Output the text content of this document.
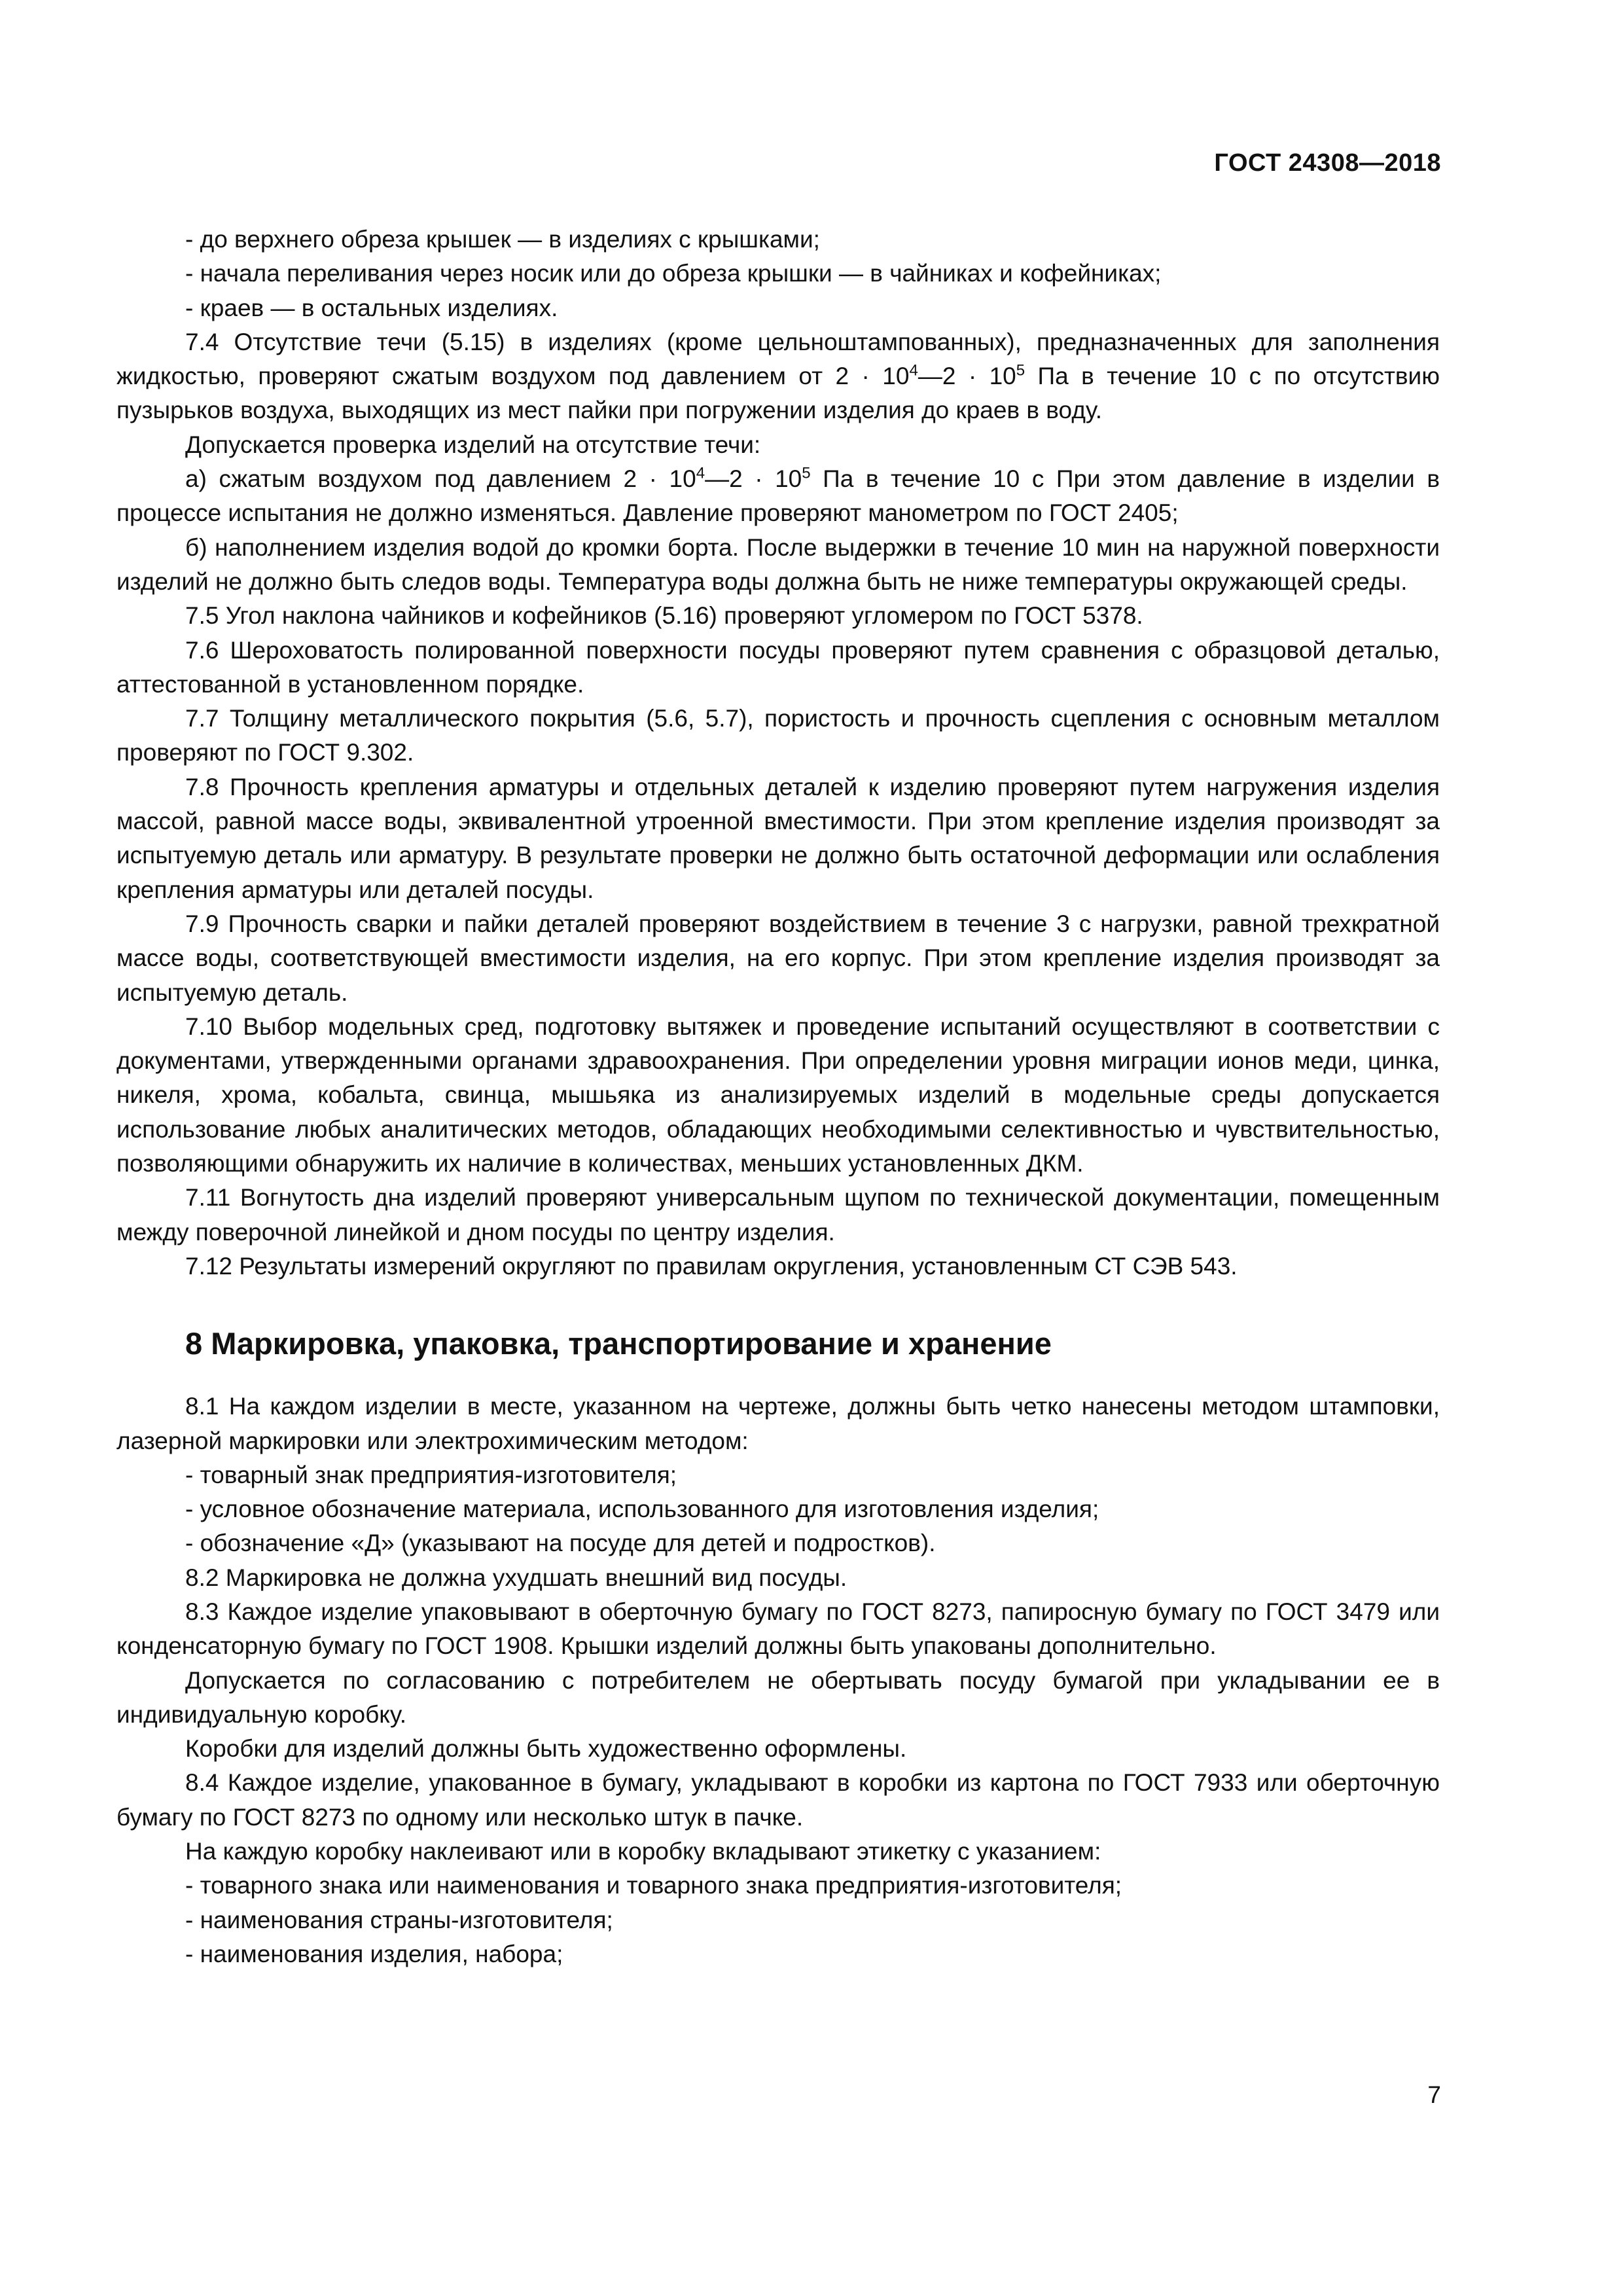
ГОСТ 24308—2018

- до верхнего обреза крышек — в изделиях с крышками;

- начала переливания через носик или до обреза крышки — в чайниках и кофейниках;

- краев — в остальных изделиях.

7.4 Отсутствие течи (5.15) в изделиях (кроме цельноштампованных), предназначенных для заполнения жидкостью, проверяют сжатым воздухом под давлением от $2 \cdot 10^4—2 \cdot 10^5$ Па в течение 10 с по отсутствию пузырьков воздуха, выходящих из мест пайки при погружении изделия до краев в воду.

Допускается проверка изделий на отсутствие течи:

а) сжатым воздухом под давлением $2 \cdot 10^4—2 \cdot 10^5$ Па в течение 10 с При этом давление в изделии в процессе испытания не должно изменяться. Давление проверяют манометром по ГОСТ 2405;

б) наполнением изделия водой до кромки борта. После выдержки в течение 10 мин на наружной поверхности изделий не должно быть следов воды. Температура воды должна быть не ниже температуры окружающей среды.

7.5 Угол наклона чайников и кофейников (5.16) проверяют угломером по ГОСТ 5378.

7.6 Шероховатость полированной поверхности посуды проверяют путем сравнения с образцовой деталью, аттестованной в установленном порядке.

7.7 Толщину металлического покрытия (5.6, 5.7), пористость и прочность сцепления с основным металлом проверяют по ГОСТ 9.302.

7.8 Прочность крепления арматуры и отдельных деталей к изделию проверяют путем нагружения изделия массой, равной массе воды, эквивалентной утроенной вместимости. При этом крепление изделия производят за испытуемую деталь или арматуру. В результате проверки не должно быть остаточной деформации или ослабления крепления арматуры или деталей посуды.

7.9 Прочность сварки и пайки деталей проверяют воздействием в течение 3 с нагрузки, равной трехкратной массе воды, соответствующей вместимости изделия, на его корпус. При этом крепление изделия производят за испытуемую деталь.

7.10 Выбор модельных сред, подготовку вытяжек и проведение испытаний осуществляют в соответствии с документами, утвержденными органами здравоохранения. При определении уровня миграции ионов меди, цинка, никеля, хрома, кобальта, свинца, мышьяка из анализируемых изделий в модельные среды допускается использование любых аналитических методов, обладающих необходимыми селективностью и чувствительностью, позволяющими обнаружить их наличие в количествах, меньших установленных ДКМ.

7.11 Вогнутость дна изделий проверяют универсальным щупом по технической документации, помещенным между поверочной линейкой и дном посуды по центру изделия.

7.12 Результаты измерений округляют по правилам округления, установленным СТ СЭВ 543.

8 Маркировка, упаковка, транспортирование и хранение

8.1 На каждом изделии в месте, указанном на чертеже, должны быть четко нанесены методом штамповки, лазерной маркировки или электрохимическим методом:

- товарный знак предприятия-изготовителя;

- условное обозначение материала, использованного для изготовления изделия;

- обозначение «Д» (указывают на посуде для детей и подростков).

8.2 Маркировка не должна ухудшать внешний вид посуды.

8.3 Каждое изделие упаковывают в оберточную бумагу по ГОСТ 8273, папиросную бумагу по ГОСТ 3479 или конденсаторную бумагу по ГОСТ 1908. Крышки изделий должны быть упакованы дополнительно.

Допускается по согласованию с потребителем не обертывать посуду бумагой при укладывании ее в индивидуальную коробку.

Коробки для изделий должны быть художественно оформлены.

8.4 Каждое изделие, упакованное в бумагу, укладывают в коробки из картона по ГОСТ 7933 или оберточную бумагу по ГОСТ 8273 по одному или несколько штук в пачке.

На каждую коробку наклеивают или в коробку вкладывают этикетку с указанием:

- товарного знака или наименования и товарного знака предприятия-изготовителя;

- наименования страны-изготовителя;

- наименования изделия, набора;

7
